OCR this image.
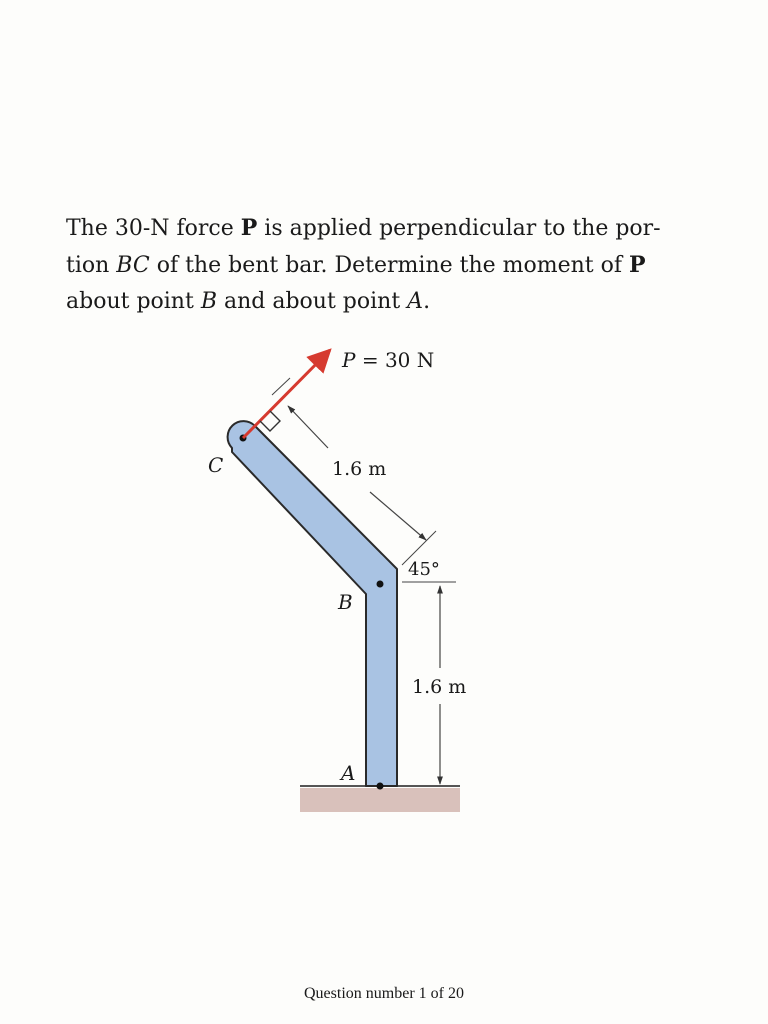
The 30-N force P is applied perpendicular to the por-
tion BC of the bent bar. Determine the moment of P
about point B and about point A.

P = 30 N
C
B
A
1.6 m
45°
1.6 m
Question number 1 of 20
